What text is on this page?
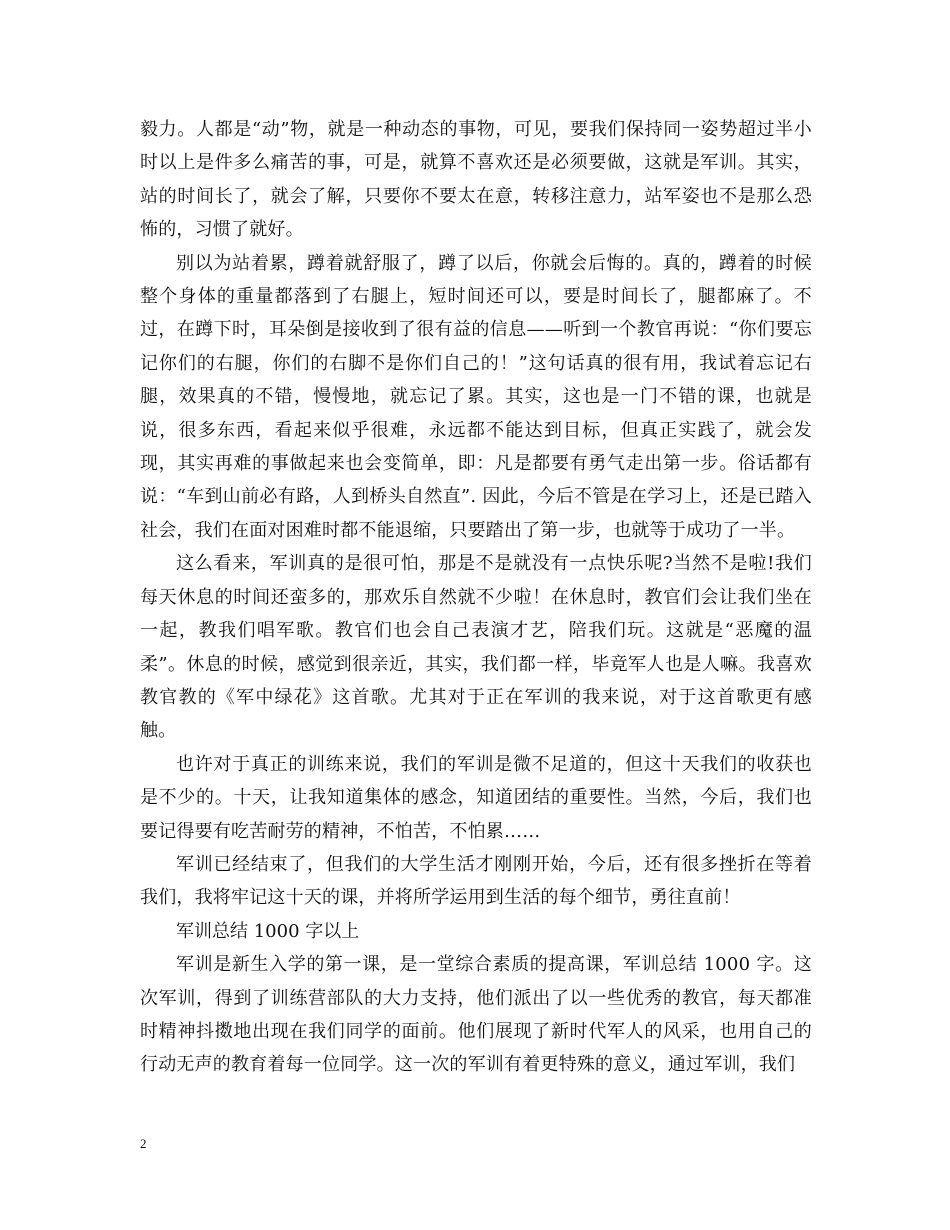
毅力。人都是“动”物，就是一种动态的事物，可见，要我们保持同一姿势超过半小时以上是件多么痛苦的事，可是，就算不喜欢还是必须要做，这就是军训。其实，站的时间长了，就会了解，只要你不要太在意，转移注意力，站军姿也不是那么恐怖的，习惯了就好。

别以为站着累，蹲着就舒服了，蹲了以后，你就会后悔的。真的，蹲着的时候整个身体的重量都落到了右腿上，短时间还可以，要是时间长了，腿都麻了。不过，在蹲下时，耳朵倒是接收到了很有益的信息——听到一个教官再说：“你们要忘记你们的右腿，你们的右脚不是你们自己的！”这句话真的很有用，我试着忘记右腿，效果真的不错，慢慢地，就忘记了累。其实，这也是一门不错的课，也就是说，很多东西，看起来似乎很难，永远都不能达到目标，但真正实践了，就会发现，其实再难的事做起来也会变简单，即：凡是都要有勇气走出第一步。俗话都有说：“车到山前必有路，人到桥头自然直”. 因此，今后不管是在学习上，还是已踏入社会，我们在面对困难时都不能退缩，只要踏出了第一步，也就等于成功了一半。

这么看来，军训真的是很可怕，那是不是就没有一点快乐呢?当然不是啦!我们每天休息的时间还蛮多的，那欢乐自然就不少啦！在休息时，教官们会让我们坐在一起，教我们唱军歌。教官们也会自己表演才艺，陪我们玩。这就是“恶魔的温柔”。休息的时候，感觉到很亲近，其实，我们都一样，毕竟军人也是人嘛。我喜欢教官教的《军中绿花》这首歌。尤其对于正在军训的我来说，对于这首歌更有感触。

也许对于真正的训练来说，我们的军训是微不足道的，但这十天我们的收获也是不少的。十天，让我知道集体的感念，知道团结的重要性。当然，今后，我们也要记得要有吃苦耐劳的精神，不怕苦，不怕累……

军训已经结束了，但我们的大学生活才刚刚开始，今后，还有很多挫折在等着我们，我将牢记这十天的课，并将所学运用到生活的每个细节，勇往直前！

军训总结 1000 字以上

军训是新生入学的第一课，是一堂综合素质的提高课，军训总结 1000 字。这次军训，得到了训练营部队的大力支持，他们派出了以一些优秀的教官，每天都准时精神抖擞地出现在我们同学的面前。他们展现了新时代军人的风采，也用自己的行动无声的教育着每一位同学。这一次的军训有着更特殊的意义，通过军训，我们

2
